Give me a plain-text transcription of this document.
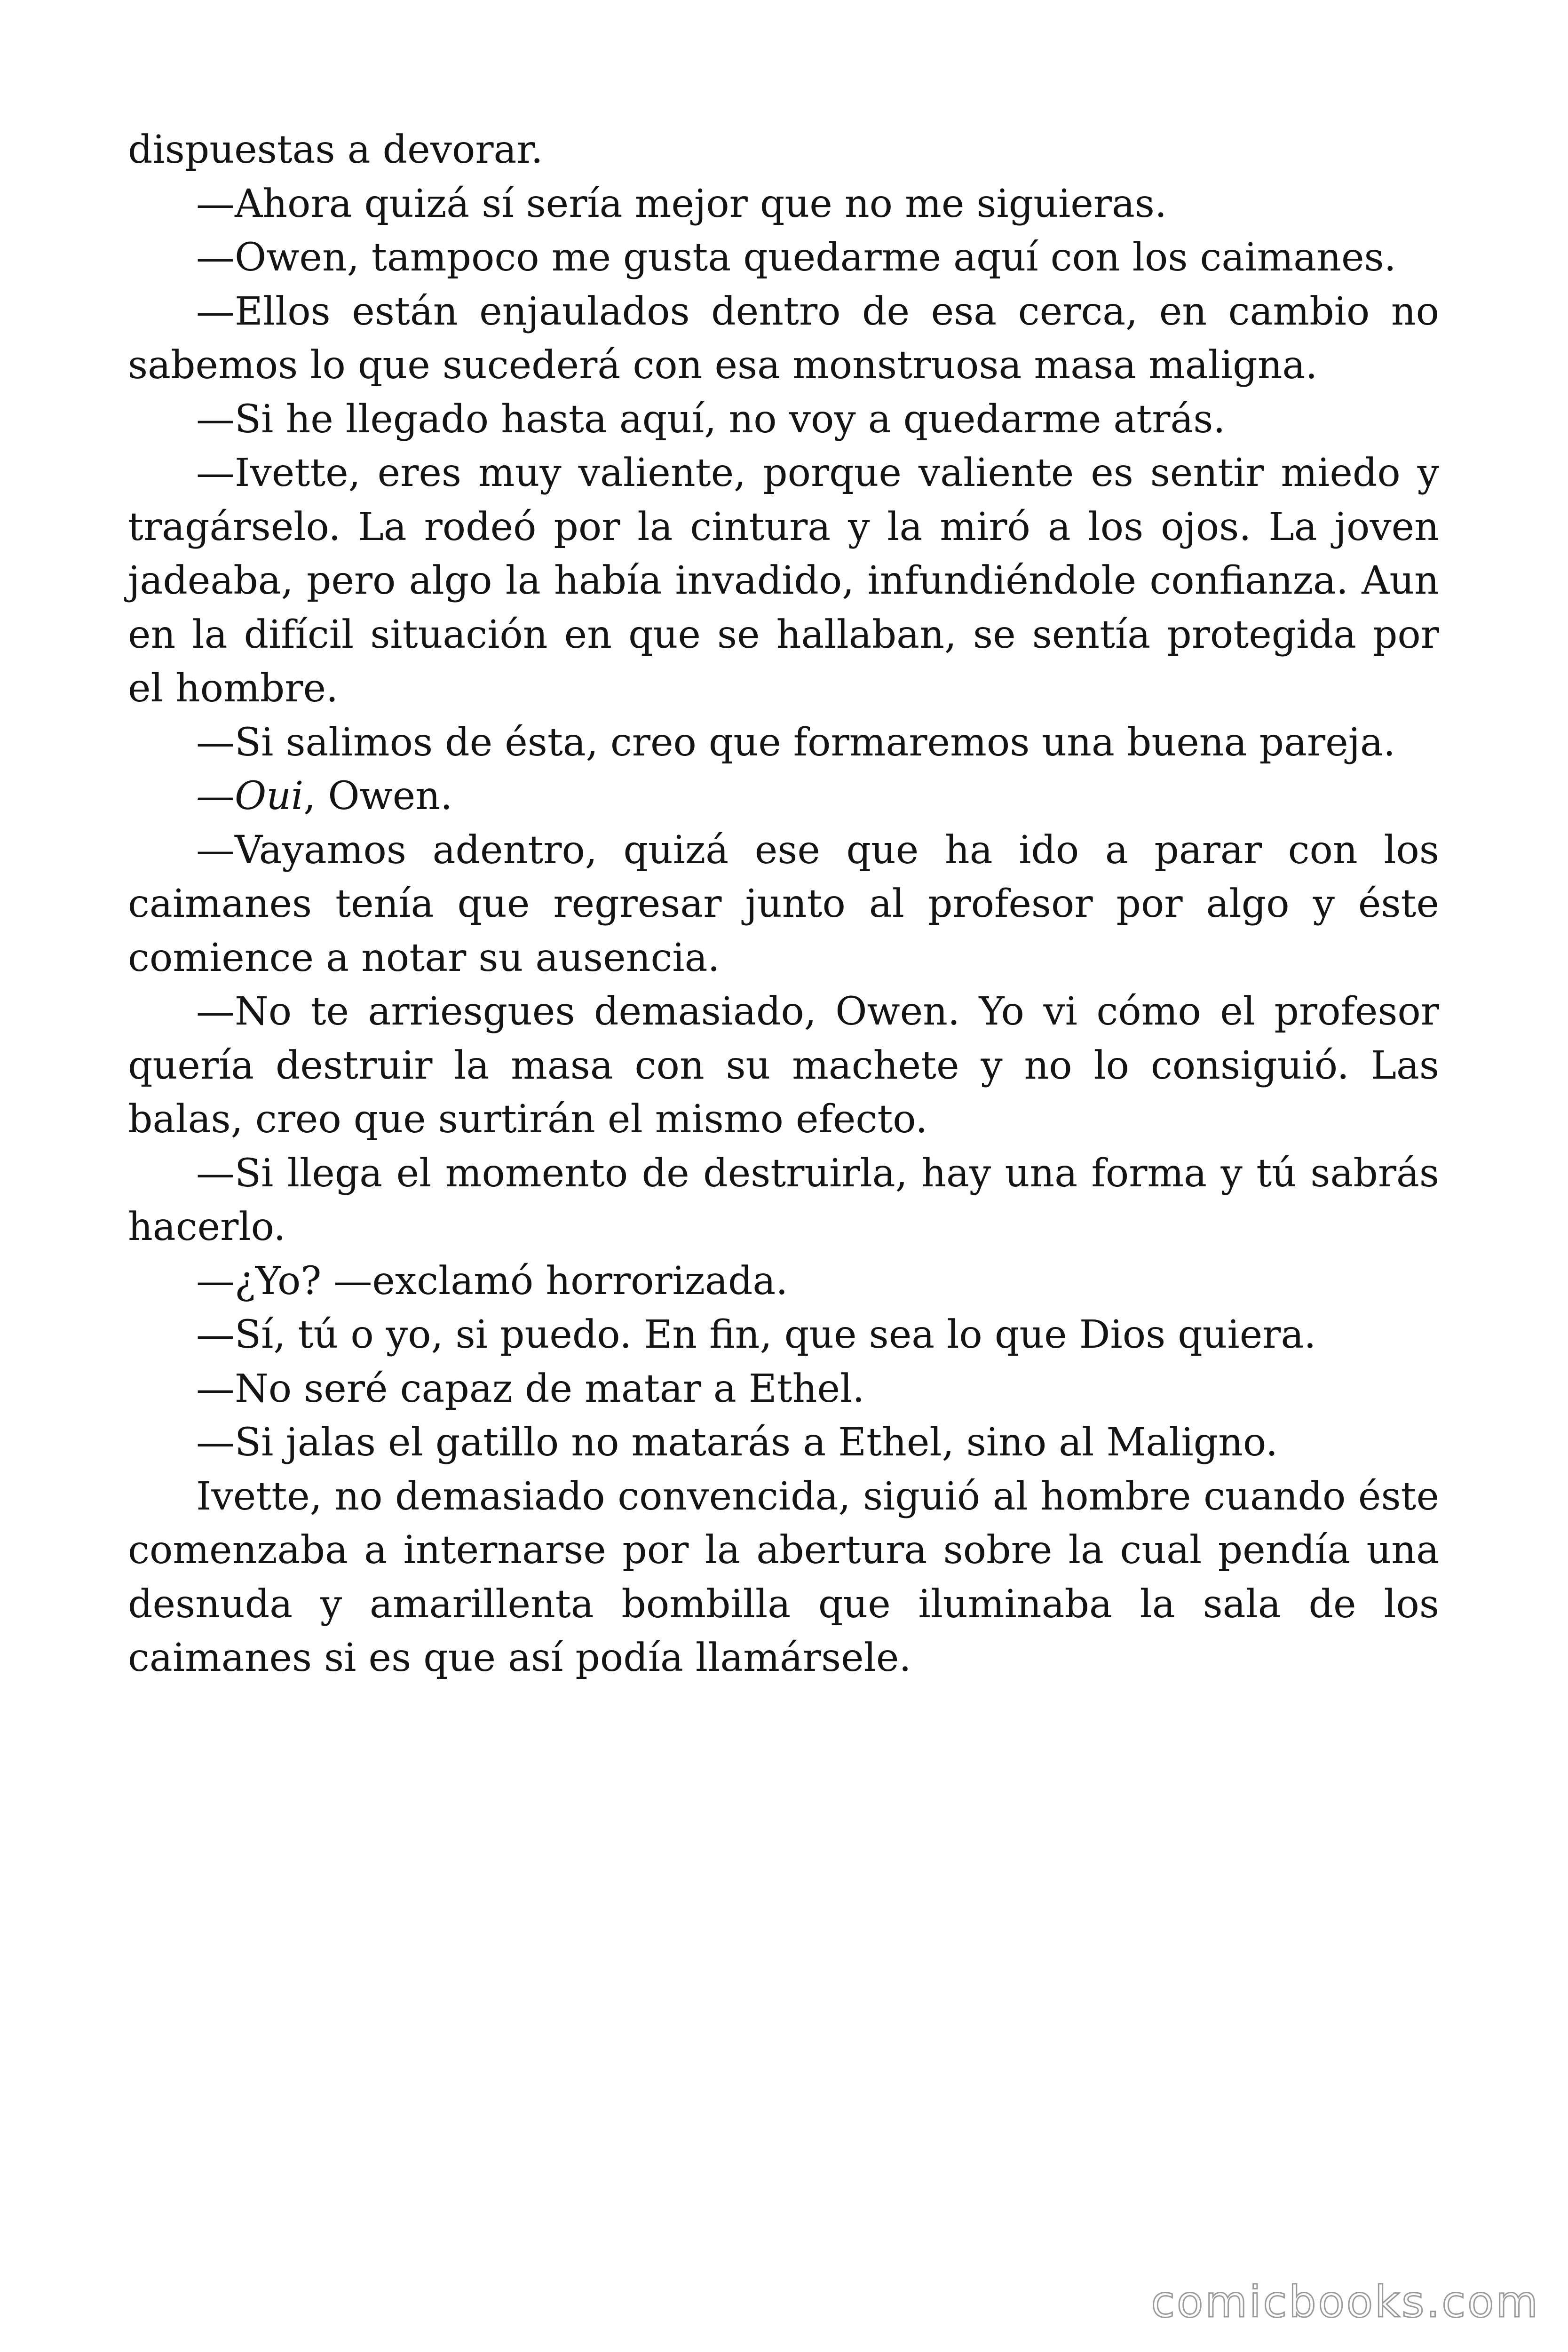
dispuestas a devorar.

—Ahora quizá sí sería mejor que no me siguieras.

—Owen, tampoco me gusta quedarme aquí con los caimanes.

—Ellos están enjaulados dentro de esa cerca, en cambio no sabemos lo que sucederá con esa monstruosa masa maligna.

—Si he llegado hasta aquí, no voy a quedarme atrás.

—Ivette, eres muy valiente, porque valiente es sentir miedo y tragárselo. La rodeó por la cintura y la miró a los ojos. La joven jadeaba, pero algo la había invadido, infundiéndole confianza. Aun en la difícil situación en que se hallaban, se sentía protegida por el hombre.

—Si salimos de ésta, creo que formaremos una buena pareja.

—Oui, Owen.

—Vayamos adentro, quizá ese que ha ido a parar con los caimanes tenía que regresar junto al profesor por algo y éste comience a notar su ausencia.

—No te arriesgues demasiado, Owen. Yo vi cómo el profesor quería destruir la masa con su machete y no lo consiguió. Las balas, creo que surtirán el mismo efecto.

—Si llega el momento de destruirla, hay una forma y tú sabrás hacerlo.

—¿Yo? —exclamó horrorizada.

—Sí, tú o yo, si puedo. En fin, que sea lo que Dios quiera.

—No seré capaz de matar a Ethel.

—Si jalas el gatillo no matarás a Ethel, sino al Maligno.

Ivette, no demasiado convencida, siguió al hombre cuando éste comenzaba a internarse por la abertura sobre la cual pendía una desnuda y amarillenta bombilla que iluminaba la sala de los caimanes si es que así podía llamársele.

comicbooks.com
